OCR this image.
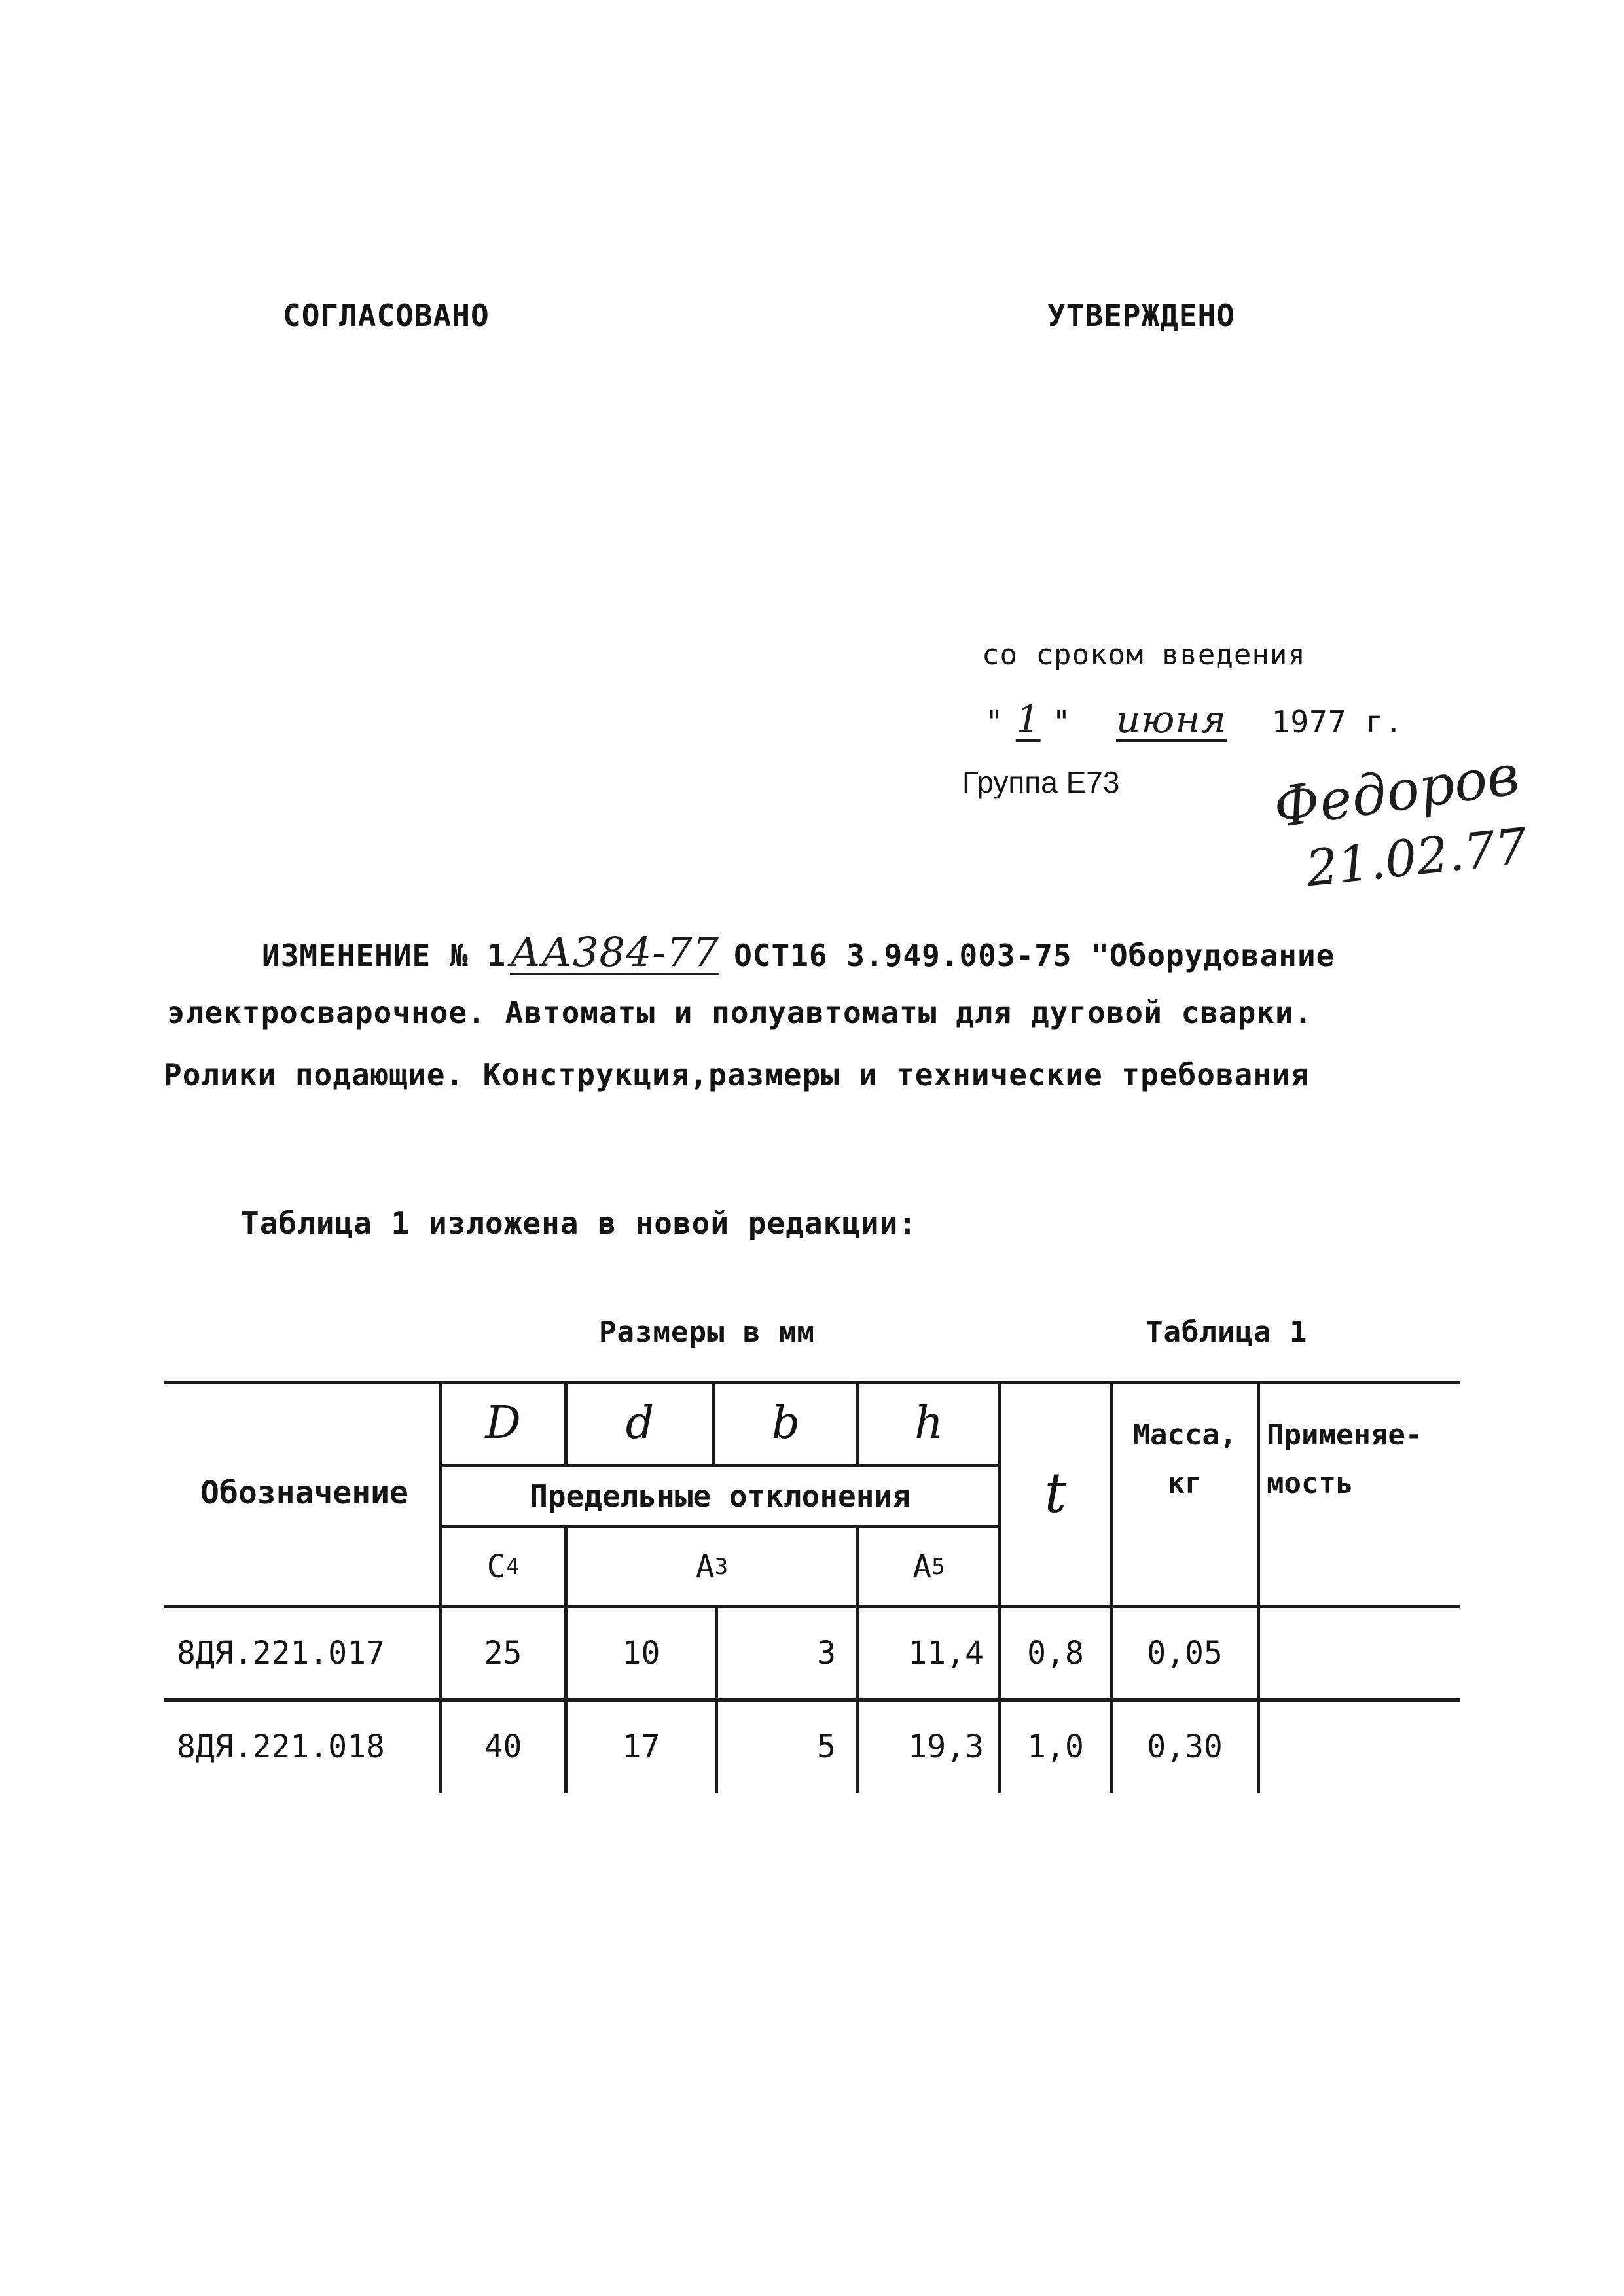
СОГЛАСОВАНО	УТВЕРЖДЕНО
со сроком введения
" 1 " июня 1977 г.
Группа Е73	Федоров
21.02.77
ИЗМЕНЕНИЕ № 1АА384-77 ОСТ16 3.949.003-75 "Оборудование
электросварочное. Автоматы и полуавтоматы для дуговой сварки.
Ролики подающие. Конструкция,размеры и технические требования
Таблица 1 изложена в новой редакции:
Размеры в мм	Таблица 1
Обозначение
D	d	b	h
Предельные отклонения
C 4	A 3	A 5
t
Масса,
кг
Применяе-
мость
8ДЯ.221.017	25	10	3	11,4	0,8	0,05
8ДЯ.221.018	40	17	5	19,3	1,0	0,30
